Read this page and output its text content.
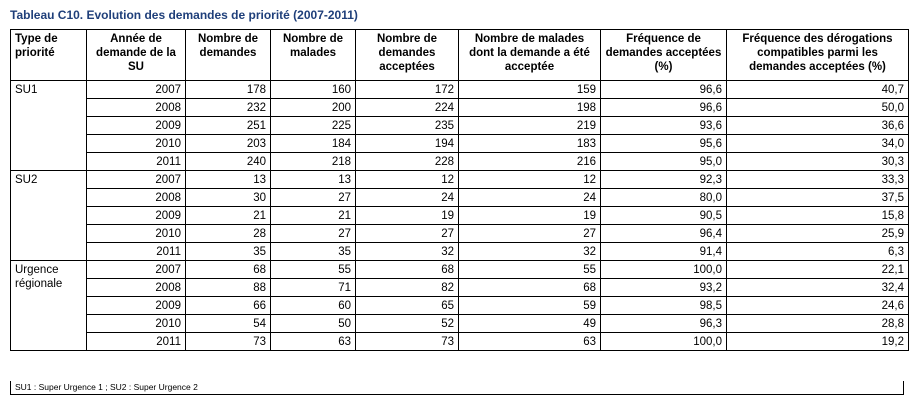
Tableau C10. Evolution des demandes de priorité (2007-2011)
Type de priorité	Année de demande de la SU	Nombre de demandes	Nombre de malades	Nombre de demandes acceptées	Nombre de malades dont la demande a été acceptée	Fréquence de demandes acceptées (%)	Fréquence des dérogations compatibles parmi les demandes acceptées (%)
SU1	2007	178	160	172	159	96,6	40,7
	2008	232	200	224	198	96,6	50,0
	2009	251	225	235	219	93,6	36,6
	2010	203	184	194	183	95,6	34,0
	2011	240	218	228	216	95,0	30,3
SU2	2007	13	13	12	12	92,3	33,3
	2008	30	27	24	24	80,0	37,5
	2009	21	21	19	19	90,5	15,8
	2010	28	27	27	27	96,4	25,9
	2011	35	35	32	32	91,4	6,3
Urgence régionale	2007	68	55	68	55	100,0	22,1
	2008	88	71	82	68	93,2	32,4
	2009	66	60	65	59	98,5	24,6
	2010	54	50	52	49	96,3	28,8
	2011	73	63	73	63	100,0	19,2
SU1 : Super Urgence 1 ; SU2 : Super Urgence 2
